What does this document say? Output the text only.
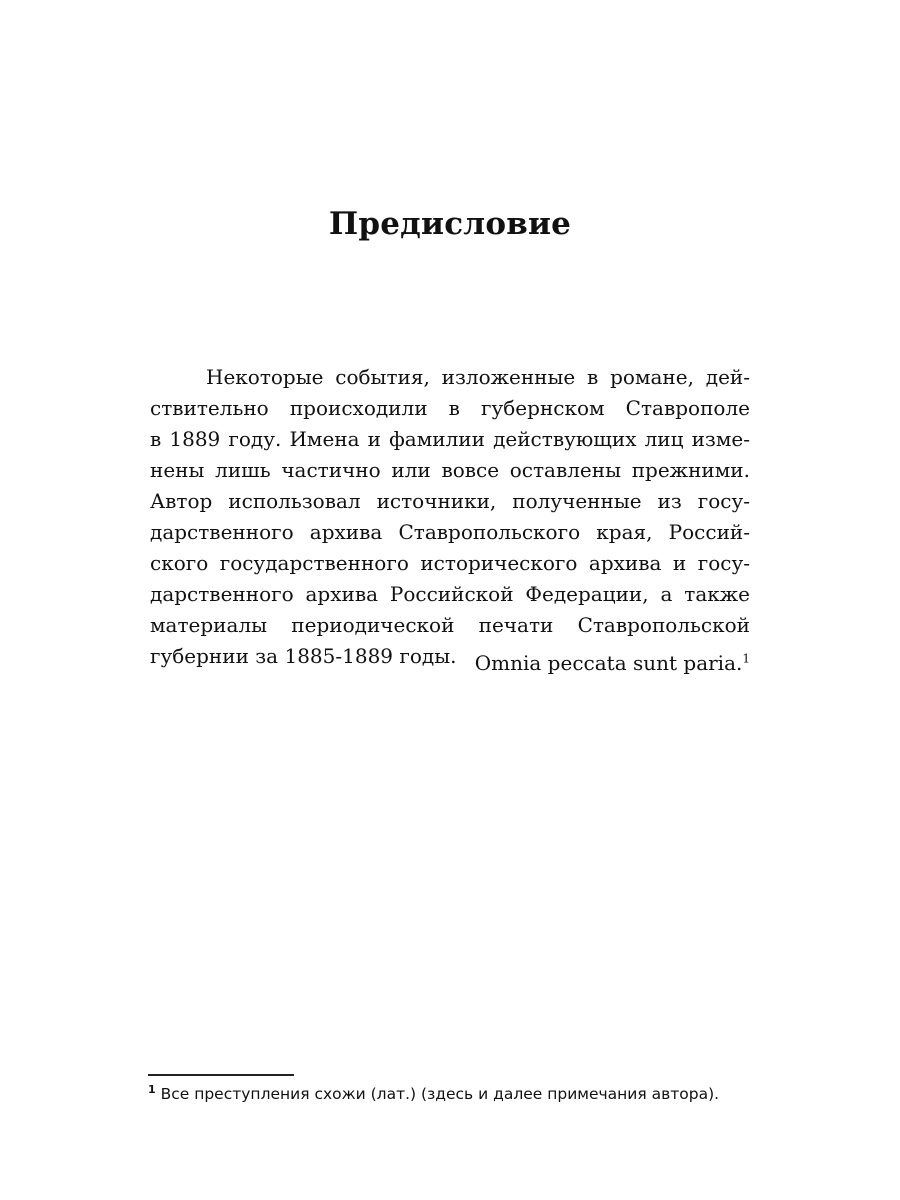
Предисловие
Некоторые события, изложенные в романе, дей-
ствительно происходили в губернском Ставрополе
в 1889 году. Имена и фамилии действующих лиц изме-
нены лишь частично или вовсе оставлены прежними.
Автор использовал источники, полученные из госу-
дарственного архива Ставропольского края, Россий-
ского государственного исторического архива и госу-
дарственного архива Российской Федерации, а также
материалы периодической печати Ставропольской
губернии за 1885-1889 годы. Omnia peccata sunt paria.$^1$
$^1$ Все преступления схожи (лат.) (здесь и далее примечания автора).
